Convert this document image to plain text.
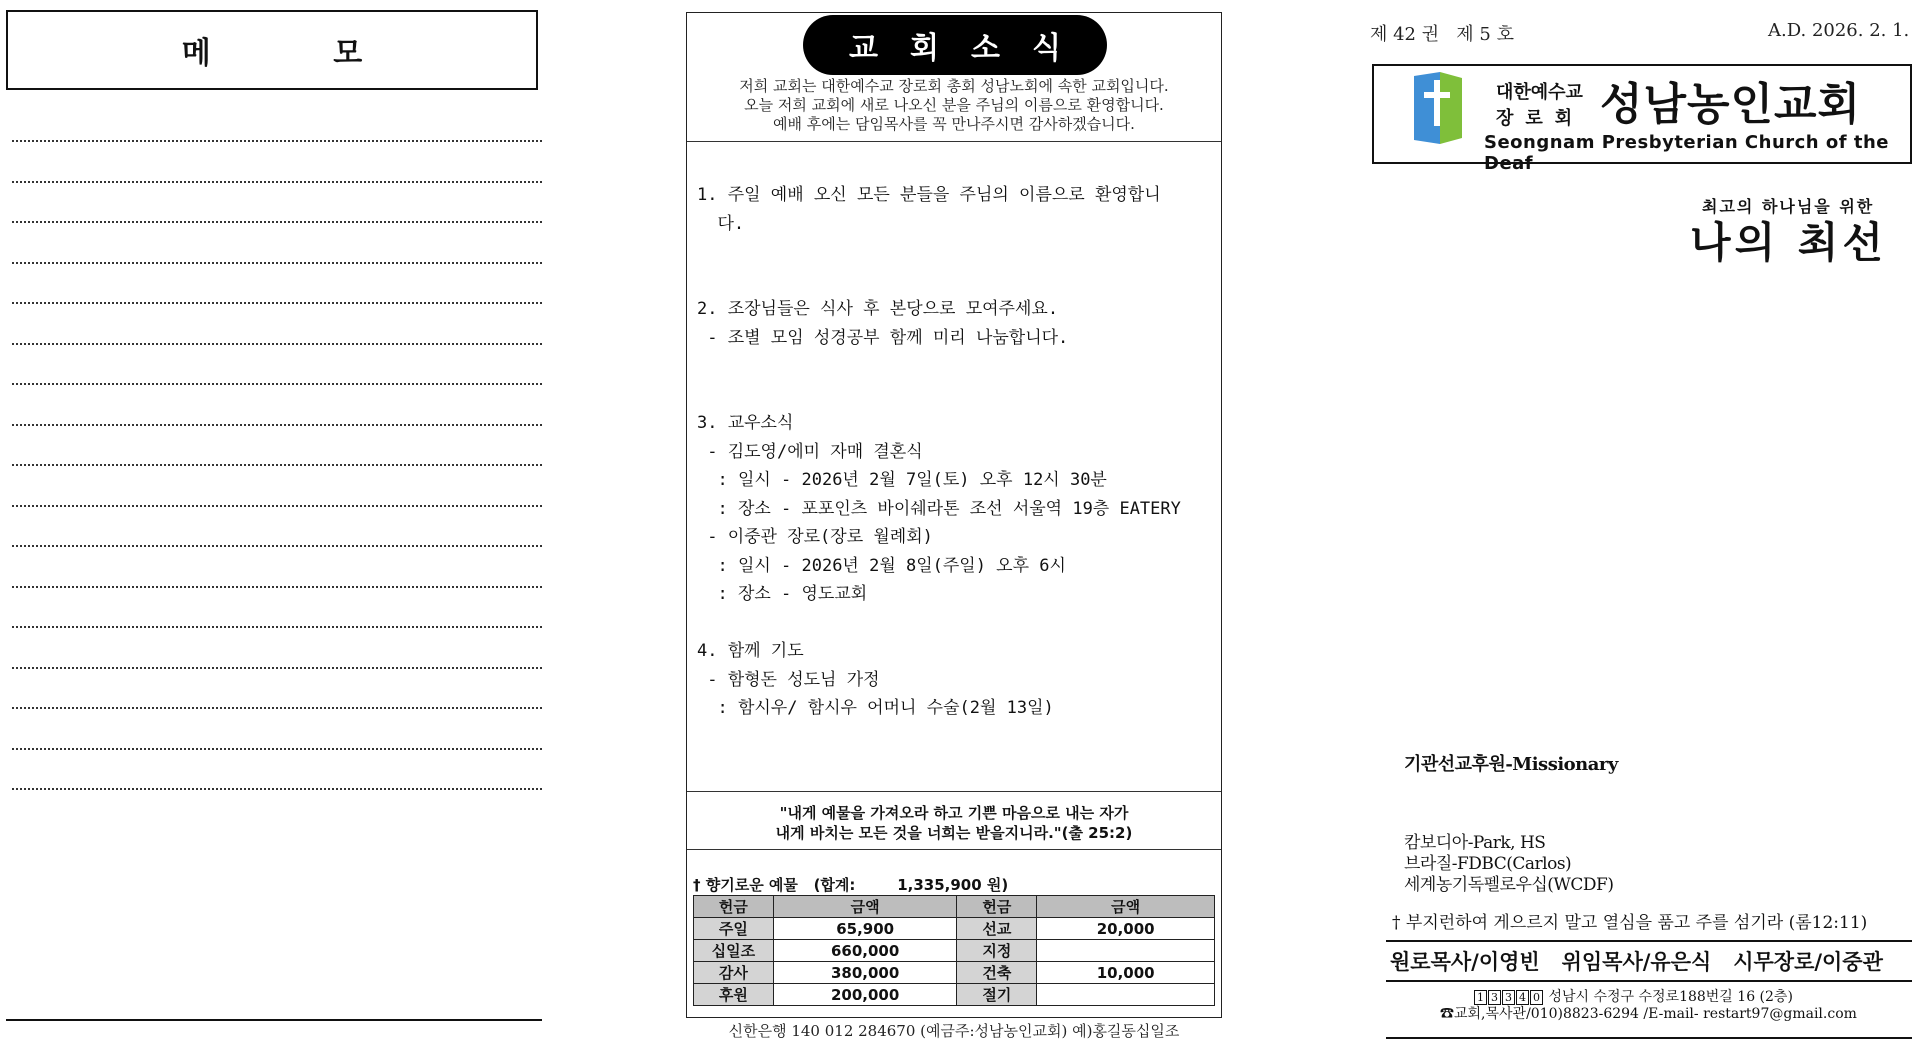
메 모	교회소식
저희 교회는 대한예수교 장로회 총회 성남노회에 속한 교회입니다.
오늘 저희 교회에 새로 나오신 분을 주님의 이름으로 환영합니다.
예배 후에는 담임목사를 꼭 만나주시면 감사하겠습니다.
1. 주일 예배 오신 모든 분들을 주님의 이름으로 환영합니
다.
2. 조장님들은 식사 후 본당으로 모여주세요.
- 조별 모임 성경공부 함께 미리 나눔합니다.
3. 교우소식
- 김도영/에미 자매 결혼식
: 일시 - 2026년 2월 7일(토) 오후 12시 30분
: 장소 - 포포인츠 바이쉐라톤 조선 서울역 19층 EATERY
- 이중관 장로(장로 월례회)
: 일시 - 2026년 2월 8일(주일) 오후 6시
: 장소 - 영도교회
4. 함께 기도
- 함형돈 성도님 가정
: 함시우/ 함시우 어머니 수술(2월 13일)
"내게 예물을 가져오라 하고 기쁜 마음으로 내는 자가
내게 바치는 모든 것을 너희는 받을지니라."(출 25:2)
† 향기로운 예물 (합계:	1,335,900 원)
헌금	금액	헌금	금액
주일	65,900	선교	20,000
십일조	660,000	지정	
감사	380,000	건축	10,000
후원	200,000	절기	
신한은행 140 012 284670 (예금주:성남농인교회) 예)홍길동십일조
제 42 권   제 5 호	A.D. 2026. 2. 1.
대한예수교
장로회 성남농인교회
Seongnam Presbyterian Church of the Deaf
최고의 하나님을 위한
나의 최선
기관선교후원-Missionary
캄보디아-Park, HS
브라질-FDBC(Carlos)
세계농기독펠로우십(WCDF)
† 부지런하여 게으르지 말고 열심을 품고 주를 섬기라 (롬12:11)
원로목사/이영빈   위임목사/유은식   시무장로/이중관
1 3 3 4 0 성남시 수정구 수정로188번길 16 (2층)
☎교회,목사관/010)8823-6294 /E-mail- restart97@gmail.com
